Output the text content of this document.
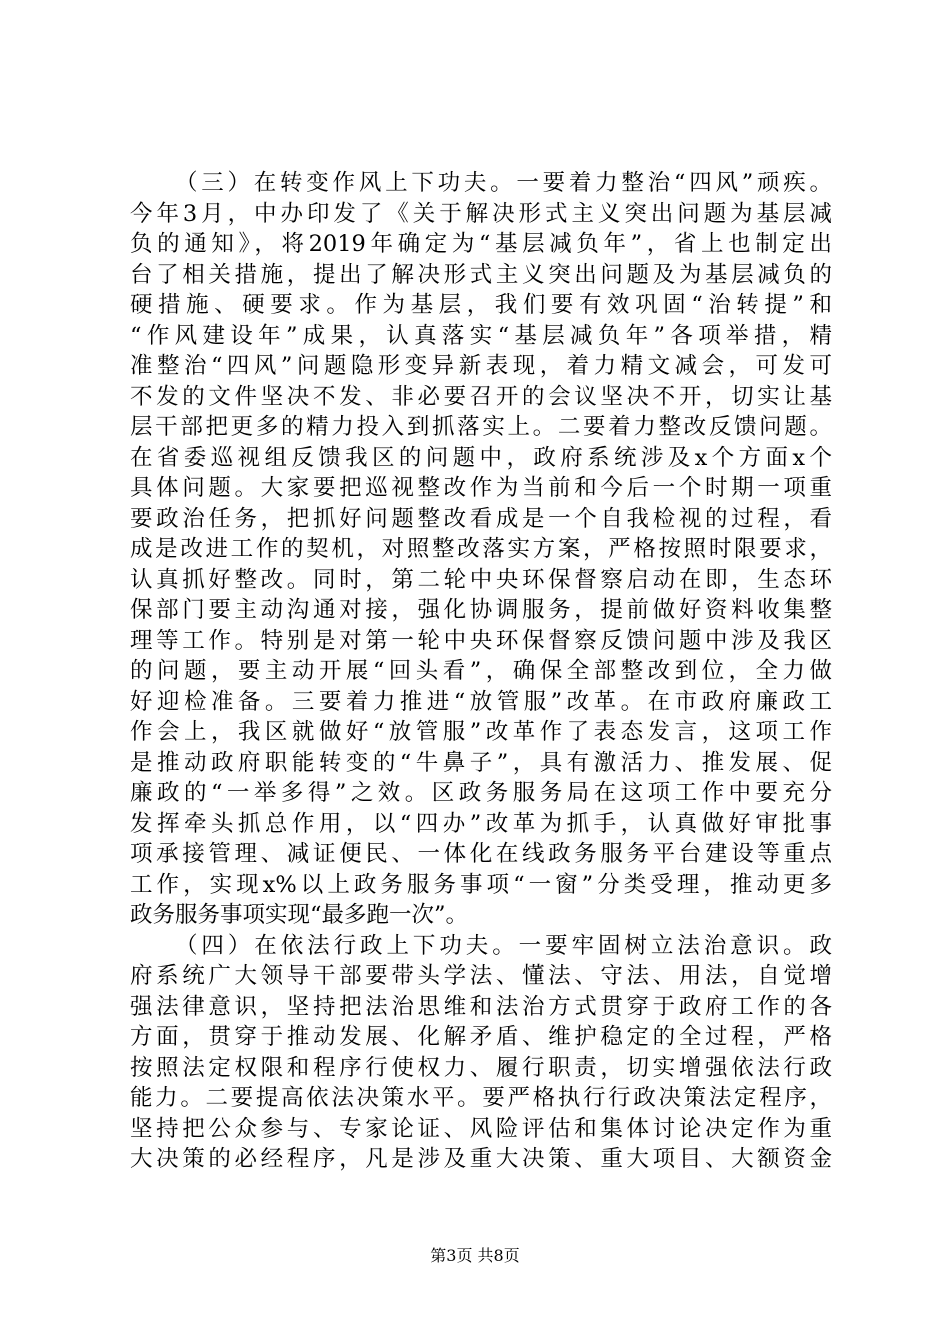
（三）在转变作风上下功夫。一要着力整治“四风”顽疾。
今年3月，中办印发了《关于解决形式主义突出问题为基层减
负的通知》，将2019年确定为“基层减负年”，省上也制定出
台了相关措施，提出了解决形式主义突出问题及为基层减负的
硬措施、硬要求。作为基层，我们要有效巩固“治转提”和
“作风建设年”成果，认真落实“基层减负年”各项举措，精
准整治“四风”问题隐形变异新表现，着力精文减会，可发可
不发的文件坚决不发、非必要召开的会议坚决不开，切实让基
层干部把更多的精力投入到抓落实上。二要着力整改反馈问题。
在省委巡视组反馈我区的问题中，政府系统涉及x个方面x个
具体问题。大家要把巡视整改作为当前和今后一个时期一项重
要政治任务，把抓好问题整改看成是一个自我检视的过程，看
成是改进工作的契机，对照整改落实方案，严格按照时限要求，
认真抓好整改。同时，第二轮中央环保督察启动在即，生态环
保部门要主动沟通对接，强化协调服务，提前做好资料收集整
理等工作。特别是对第一轮中央环保督察反馈问题中涉及我区
的问题，要主动开展“回头看”，确保全部整改到位，全力做
好迎检准备。三要着力推进“放管服”改革。在市政府廉政工
作会上，我区就做好“放管服”改革作了表态发言，这项工作
是推动政府职能转变的“牛鼻子”，具有激活力、推发展、促
廉政的“一举多得”之效。区政务服务局在这项工作中要充分
发挥牵头抓总作用，以“四办”改革为抓手，认真做好审批事
项承接管理、减证便民、一体化在线政务服务平台建设等重点
工作，实现x%以上政务服务事项“一窗”分类受理，推动更多
政务服务事项实现“最多跑一次”。
（四）在依法行政上下功夫。一要牢固树立法治意识。政
府系统广大领导干部要带头学法、懂法、守法、用法，自觉增
强法律意识，坚持把法治思维和法治方式贯穿于政府工作的各
方面，贯穿于推动发展、化解矛盾、维护稳定的全过程，严格
按照法定权限和程序行使权力、履行职责，切实增强依法行政
能力。二要提高依法决策水平。要严格执行行政决策法定程序，
坚持把公众参与、专家论证、风险评估和集体讨论决定作为重
大决策的必经程序，凡是涉及重大决策、重大项目、大额资金
第3页 共8页
